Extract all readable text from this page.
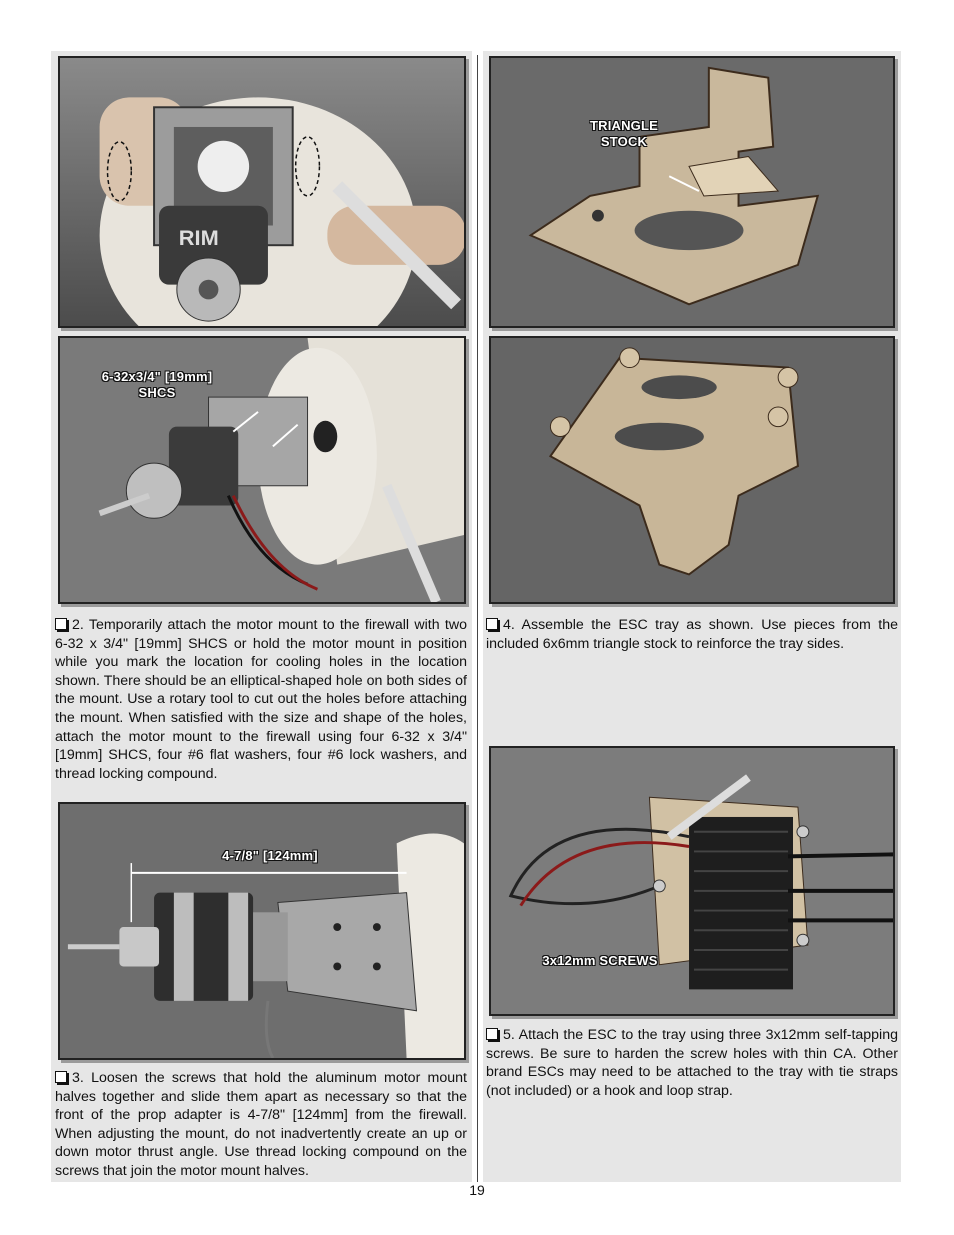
RIM
6-32x3/4" [19mm]
SHCS
2. Temporarily attach the motor mount to the firewall with two 6-32 x 3/4" [19mm] SHCS or hold the motor mount in position while you mark the location for cooling holes in the location shown. There should be an elliptical-shaped hole on both sides of the mount. Use a rotary tool to cut out the holes before attaching the mount. When satisfied with the size and shape of the holes, attach the motor mount to the firewall using four 6-32 x 3/4" [19mm] SHCS, four #6 flat washers, four #6 lock washers, and thread locking compound.
4-7/8" [124mm]
3. Loosen the screws that hold the aluminum motor mount halves together and slide them apart as necessary so that the front of the prop adapter is 4-7/8" [124mm] from the firewall. When adjusting the mount, do not inadvertently create an up or down motor thrust angle. Use thread locking compound on the screws that join the motor mount halves.
TRIANGLE STOCK
4. Assemble the ESC tray as shown. Use pieces from the included 6x6mm triangle stock to reinforce the tray sides.
3x12mm SCREWS
5. Attach the ESC to the tray using three 3x12mm self-tapping screws. Be sure to harden the screw holes with thin CA. Other brand ESCs may need to be attached to the tray with tie straps (not included) or a hook and loop strap.
19
